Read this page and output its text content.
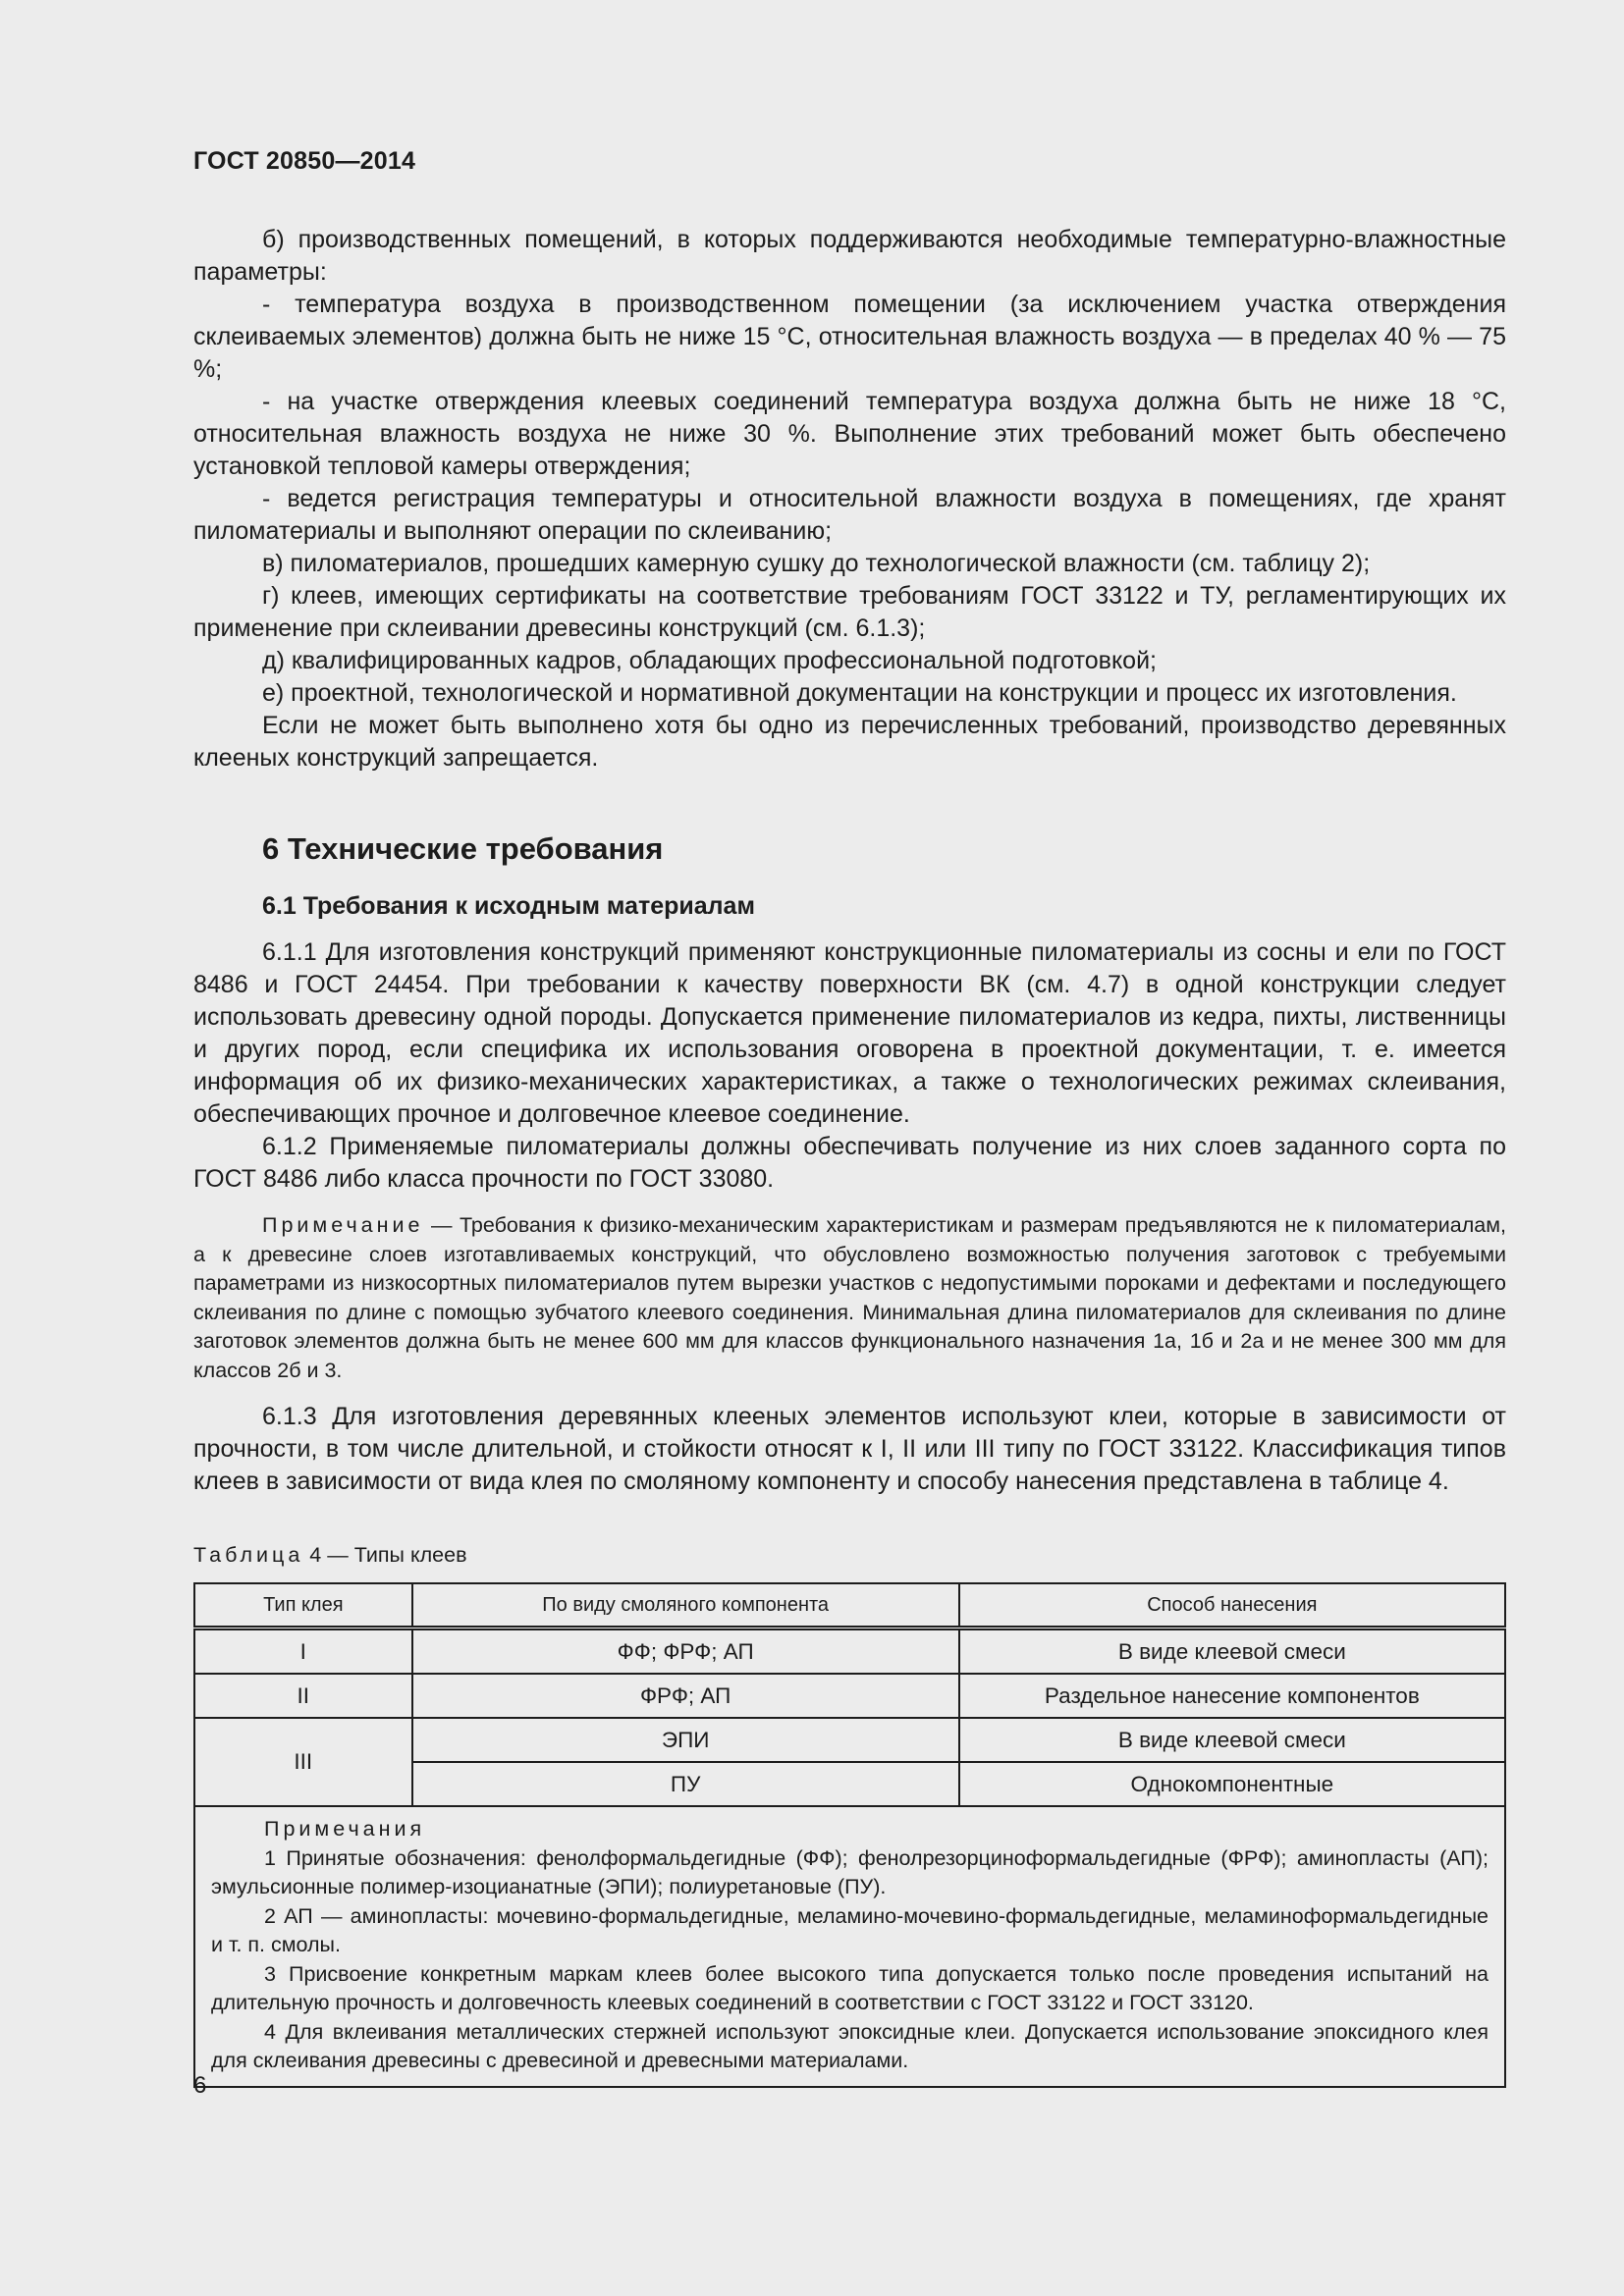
ГОСТ 20850—2014

б) производственных помещений, в которых поддерживаются необходимые температурно-влажностные параметры:

- температура воздуха в производственном помещении (за исключением участка отверждения склеиваемых элементов) должна быть не ниже 15 °С, относительная влажность воздуха — в пределах 40 % — 75 %;

- на участке отверждения клеевых соединений температура воздуха должна быть не ниже 18 °С, относительная влажность воздуха не ниже 30 %. Выполнение этих требований может быть обеспечено установкой тепловой камеры отверждения;

- ведется регистрация температуры и относительной влажности воздуха в помещениях, где хранят пиломатериалы и выполняют операции по склеиванию;

в) пиломатериалов, прошедших камерную сушку до технологической влажности (см. таблицу 2);

г) клеев, имеющих сертификаты на соответствие требованиям ГОСТ 33122 и ТУ, регламентирующих их применение при склеивании древесины конструкций (см. 6.1.3);

д) квалифицированных кадров, обладающих профессиональной подготовкой;

е) проектной, технологической и нормативной документации на конструкции и процесс их изготовления.

Если не может быть выполнено хотя бы одно из перечисленных требований, производство деревянных клееных конструкций запрещается.

6 Технические требования
6.1 Требования к исходным материалам

6.1.1 Для изготовления конструкций применяют конструкционные пиломатериалы из сосны и ели по ГОСТ 8486 и ГОСТ 24454. При требовании к качеству поверхности ВК (см. 4.7) в одной конструкции следует использовать древесину одной породы. Допускается применение пиломатериалов из кедра, пихты, лиственницы и других пород, если специфика их использования оговорена в проектной документации, т. е. имеется информация об их физико-механических характеристиках, а также о технологических режимах склеивания, обеспечивающих прочное и долговечное клеевое соединение.

6.1.2 Применяемые пиломатериалы должны обеспечивать получение из них слоев заданного сорта по ГОСТ 8486 либо класса прочности по ГОСТ 33080.

Примечание — Требования к физико-механическим характеристикам и размерам предъявляются не к пиломатериалам, а к древесине слоев изготавливаемых конструкций, что обусловлено возможностью получения заготовок с требуемыми параметрами из низкосортных пиломатериалов путем вырезки участков с недопустимыми пороками и дефектами и последующего склеивания по длине с помощью зубчатого клеевого соединения. Минимальная длина пиломатериалов для склеивания по длине заготовок элементов должна быть не менее 600 мм для классов функционального назначения 1а, 1б и 2а и не менее 300 мм для классов 2б и 3.

6.1.3 Для изготовления деревянных клееных элементов используют клеи, которые в зависимости от прочности, в том числе длительной, и стойкости относят к I, II или III типу по ГОСТ 33122. Классификация типов клеев в зависимости от вида клея по смоляному компоненту и способу нанесения представлена в таблице 4.

Таблица 4 — Типы клеев
Тип клея	По виду смоляного компонента	Способ нанесения
I	ФФ; ФРФ; АП	В виде клеевой смеси
II	ФРФ; АП	Раздельное нанесение компонентов
III	ЭПИ	В виде клеевой смеси
	ПУ	Однокомпонентные

Примечания
1 Принятые обозначения: фенолформальдегидные (ФФ); фенолрезорциноформальдегидные (ФРФ); аминопласты (АП); эмульсионные полимер-изоцианатные (ЭПИ); полиуретановые (ПУ).
2 АП — аминопласты: мочевино-формальдегидные, меламино-мочевино-формальдегидные, меламиноформальдегидные и т. п. смолы.
3 Присвоение конкретным маркам клеев более высокого типа допускается только после проведения испытаний на длительную прочность и долговечность клеевых соединений в соответствии с ГОСТ 33122 и ГОСТ 33120.
4 Для вклеивания металлических стержней используют эпоксидные клеи. Допускается использование эпоксидного клея для склеивания древесины с древесиной и древесными материалами.		
6
